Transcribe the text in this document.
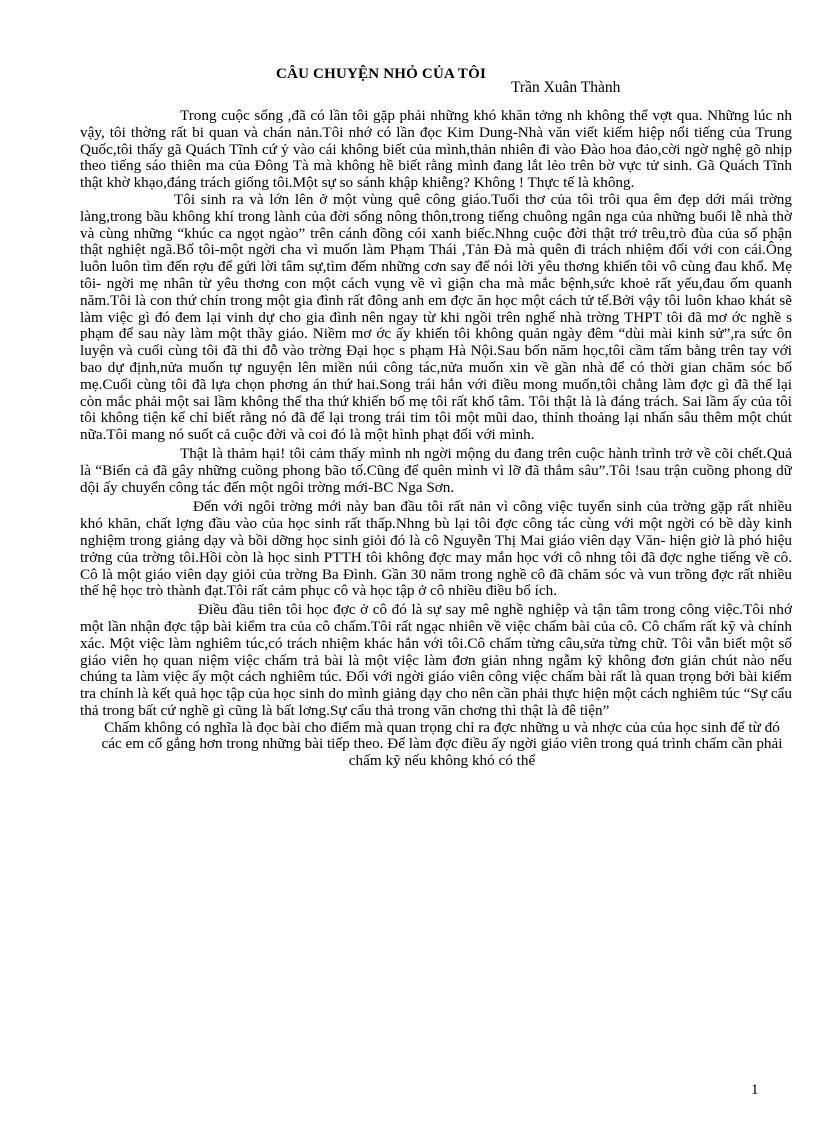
CÂU CHUYỆN NHỎ CỦA TÔI
Trần Xuân Thành

Trong cuộc sống ,đã có lần tôi gặp phải những khó khăn tởng nh không thể vợt qua. Những lúc nh vậy, tôi thờng rất bi quan và chán nản.Tôi nhớ có lần đọc Kim Dung-Nhà văn viết kiếm hiệp nổi tiếng của Trung Quốc,tôi thấy gã Quách Tĩnh cứ ỷ vào cái không biết của mình,thản nhiên đi vào Đào hoa đảo,cời ngờ nghệ gõ nhịp theo tiếng sáo thiên ma của Đông Tà mà không hề biết rằng mình đang lắt lẻo trên bờ vực tử sinh. Gã Quách Tĩnh thật khờ khạo,đáng trách giống tôi.Một sự so sánh khập khiễng? Không ! Thực tế là không.

Tôi sinh ra và lớn lên ở một vùng quê công giáo.Tuổi thơ của tôi trôi qua êm đẹp dới mái trờng làng,trong bầu không khí trong lành của đời sống nông thôn,trong tiếng chuông ngân nga của những buổi lễ nhà thờ và cùng những “khúc ca ngọt ngào” trên cánh đồng cói xanh biếc.Nhng cuộc đời thật trớ trêu,trò đùa của số phận thật nghiệt ngã.Bố tôi-một ngời cha vì muốn làm Phạm Thái ,Tản Đà mà quên đi trách nhiệm đối với con cái.Ông luôn luôn tìm đến rợu để gửi lời tâm sự,tìm đếm những cơn say để nói lời yêu thơng khiến tôi vô cùng đau khổ. Mẹ tôi- ngời mẹ nhân từ yêu thơng con một cách vụng về vì giận cha mà mắc bệnh,sức khoẻ rất yếu,đau ốm quanh năm.Tôi là con thứ chín trong một gia đình rất đông anh em đợc ăn học một cách tử tế.Bởi vậy tôi luôn khao khát sẽ làm việc gì đó đem lại vinh dự cho gia đình nên ngay từ khi ngồi trên nghế nhà trờng THPT tôi đã mơ ớc nghề s phạm để sau này làm một thầy giáo. Niềm mơ ớc ấy khiến tôi không quản ngày đêm “dùi mài kinh sử”,ra sức ôn luyện và cuối cùng tôi đã thi đỗ vào trờng Đại học s phạm Hà Nội.Sau bốn năm học,tôi cầm tấm bằng trên tay với bao dự định,nửa muốn tự nguyện lên miền núi công tác,nửa muốn xin về gần nhà để có thời gian chăm sóc bố mẹ.Cuối cùng tôi đã lựa chọn phơng án thứ hai.Song trái hẳn với điều mong muốn,tôi chẳng làm đợc gì đã thế lại còn mắc phải một sai lầm không thể tha thứ khiến bố mẹ tôi rất khổ tâm. Tôi thật là là đáng trách. Sai lầm ấy của tôi tôi không tiện kể chỉ biết rằng nó đã để lại trong trái tim tôi một mũi dao, thỉnh thoảng lại nhấn sâu thêm một chút nữa.Tôi mang nó suốt cả cuộc đời và coi đó là một hình phạt đối với mình.

Thật là thảm hại! tôi cảm thấy mình nh ngời mộng du đang trên cuộc hành trình trở về cõi chết.Quả là “Biển cả đã gây những cuồng phong bão tố.Cũng để quên mình vì lỡ đã thẳm sâu”.Tôi !sau trận cuồng phong dữ dội ấy chuyển công tác đến một ngôi trờng mới-BC Nga Sơn.

Đến với ngôi trờng mới này ban đầu tôi rất nản vì công việc tuyển sinh của trờng gặp rất nhiều khó khăn, chất lợng đầu vào của học sinh rất thấp.Nhng bù lại tôi đợc công tác cùng với một ngời có bề dày kinh nghiệm trong giảng dạy và bồi dỡng học sinh giỏi đó là cô Nguyễn Thị Mai giáo viên dạy Văn- hiện giờ là phó hiệu trởng của trờng tôi.Hồi còn là học sinh PTTH tôi không đợc may mắn học với cô nhng tôi đã đợc nghe tiếng về cô. Cô là một giáo viên dạy giỏi của trờng Ba Đình. Gần 30 năm trong nghề cô đã chăm sóc và vun trồng đợc rất nhiều thế hệ học trò thành đạt.Tôi rất cảm phục cô và học tập ở cô nhiều điều bổ ích.

Điều đầu tiên tôi học đợc ở cô đó là sự say mê nghề nghiệp và tận tâm trong công việc.Tôi nhớ một lần nhận đợc tập bài kiểm tra của cô chấm.Tôi rất ngạc nhiên về việc chấm bài của cô. Cô chấm rất kỹ và chính xác. Một việc làm nghiêm túc,có trách nhiệm khác hẳn với tôi.Cô chấm từng câu,sửa từng chữ. Tôi vẫn biết một số giáo viên họ quan niệm việc chấm trả bài là một việc làm đơn giản nhng ngẫm kỹ không đơn giản chút nào nếu chúng ta làm việc ấy một cách nghiêm túc. Đối với ngời giáo viên công việc chấm bài rất là quan trọng bởi bài kiểm tra chính là kết quả học tập của học sinh do mình giảng dạy cho nên cần phải thực hiện một cách nghiêm túc “Sự cẩu thả trong bất cứ nghề gì cũng là bất lơng.Sự cẩu thả trong văn chơng thì thật là đê tiện”

Chấm không có nghĩa là đọc bài cho điểm mà quan trọng chỉ ra đợc những u và nhợc của của học sinh để từ đó các em cố gắng hơn trong những bài tiếp theo. Để làm đợc điều ấy ngời giáo viên trong quá trình chấm cần phải chấm kỹ nếu không khó có thể

1
